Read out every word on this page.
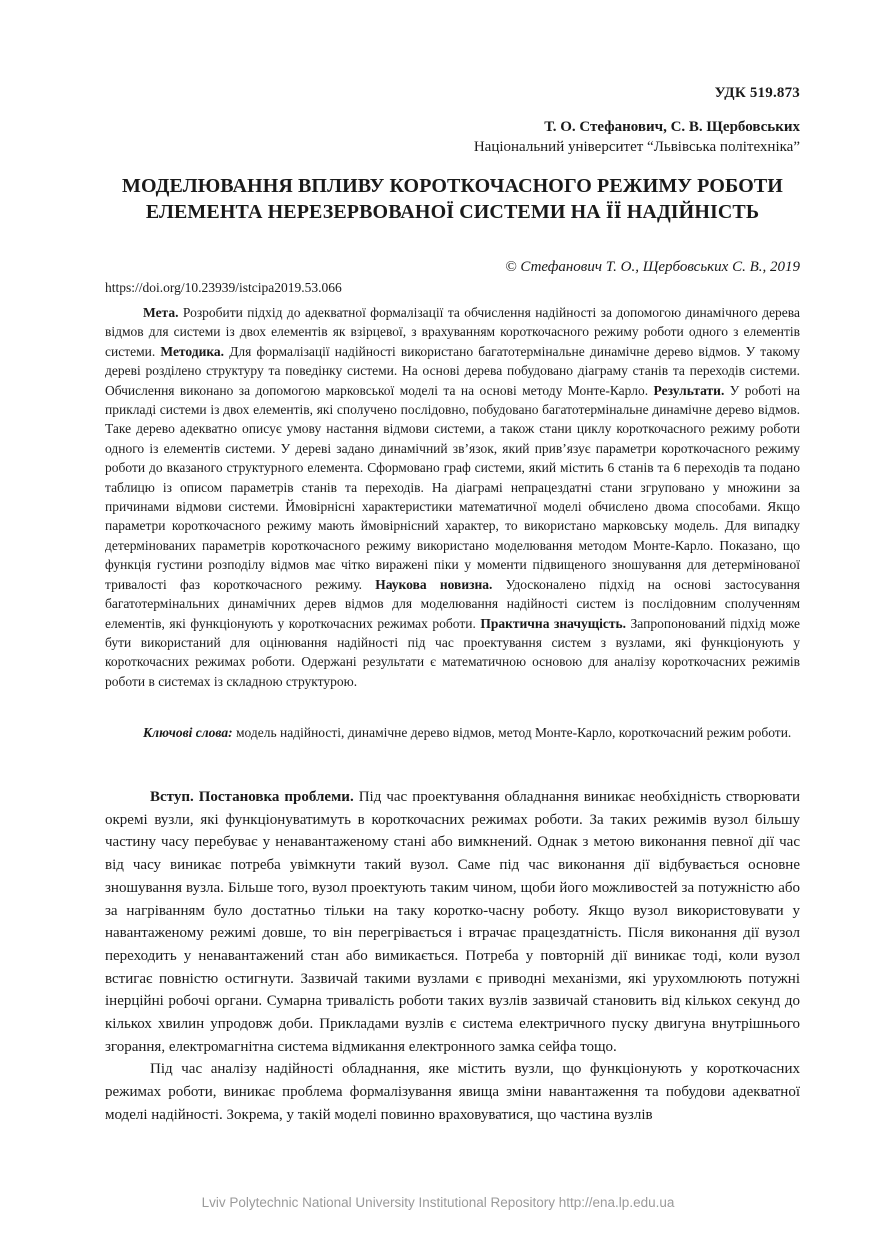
УДК 519.873
Т. О. Стефанович, С. В. Щербовських
Національний університет “Львівська політехніка”
МОДЕЛЮВАННЯ ВПЛИВУ КОРОТКОЧАСНОГО РЕЖИМУ РОБОТИ
ЕЛЕМЕНТА НЕРЕЗЕРВОВАНОЇ СИСТЕМИ НА ЇЇ НАДІЙНІСТЬ
© Стефанович Т. О., Щербовських С. В., 2019
https://doi.org/10.23939/istcipa2019.53.066

Мета. Розробити підхід до адекватної формалізації та обчислення надійності за допомогою динамічного дерева відмов для системи із двох елементів як взірцевої, з врахуванням короткочасного режиму роботи одного з елементів системи. Методика. Для формалізації надійності використано багатотермінальне динамічне дерево відмов. У такому дереві розділено структуру та поведінку системи. На основі дерева побудовано діаграму станів та переходів системи. Обчислення виконано за допомогою марковської моделі та на основі методу Монте-Карло. Результати. У роботі на прикладі системи із двох елементів, які сполучено послідовно, побудовано багатотермінальне динамічне дерево відмов. Таке дерево адекватно описує умову настання відмови системи, а також стани циклу короткочасного режиму роботи одного із елементів системи. У дереві задано динамічний зв’язок, який прив’язує параметри короткочасного режиму роботи до вказаного структурного елемента. Сформовано граф системи, який містить 6 станів та 6 переходів та подано таблицю із описом параметрів станів та переходів. На діаграмі непрацездатні стани згруповано у множини за причинами відмови системи. Ймовірнісні характеристики математичної моделі обчислено двома способами. Якщо параметри короткочасного режиму мають ймовірнісний характер, то використано марковську модель. Для випадку детермінованих параметрів короткочасного режиму використано моделювання методом Монте-Карло. Показано, що функція густини розподілу відмов має чітко виражені піки у моменти підвищеного зношування для детермінованої тривалості фаз короткочасного режиму. Наукова новизна. Удосконалено підхід на основі застосування багатотермінальних динамічних дерев відмов для моделювання надійності систем із послідовним сполученням елементів, які функціонують у короткочасних режимах роботи. Практична значущість. Запропонований підхід може бути використаний для оцінювання надійності під час проектування систем з вузлами, які функціонують у короткочасних режимах роботи. Одержані результати є математичною основою для аналізу короткочасних режимів роботи в системах із складною структурою.

Ключові слова: модель надійності, динамічне дерево відмов, метод Монте-Карло, короткочасний режим роботи.

Вступ. Постановка проблеми. Під час проектування обладнання виникає необхідність створювати окремі вузли, які функціонуватимуть в короткочасних режимах роботи. За таких режимів вузол більшу частину часу перебуває у ненавантаженому стані або вимкнений. Однак з метою виконання певної дії час від часу виникає потреба увімкнути такий вузол. Саме під час виконання дії відбувається основне зношування вузла. Більше того, вузол проектують таким чином, щоби його можливостей за потужністю або за нагріванням було достатньо тільки на таку коротко-часну роботу. Якщо вузол використовувати у навантаженому режимі довше, то він перегрівається і втрачає працездатність. Після виконання дії вузол переходить у ненавантажений стан або вимикається. Потреба у повторній дії виникає тоді, коли вузол встигає повністю остигнути. Зазвичай такими вузлами є приводні механізми, які урухомлюють потужні інерційні робочі органи. Сумарна тривалість роботи таких вузлів зазвичай становить від кількох секунд до кількох хвилин упродовж доби. Прикладами вузлів є система електричного пуску двигуна внутрішнього згорання, електромагнітна система відмикання електронного замка сейфа тощо.

Під час аналізу надійності обладнання, яке містить вузли, що функціонують у короткочасних режимах роботи, виникає проблема формалізування явища зміни навантаження та побудови адекватної моделі надійності. Зокрема, у такій моделі повинно враховуватися, що частина вузлів

Lviv Polytechnic National University Institutional Repository http://ena.lp.edu.ua
